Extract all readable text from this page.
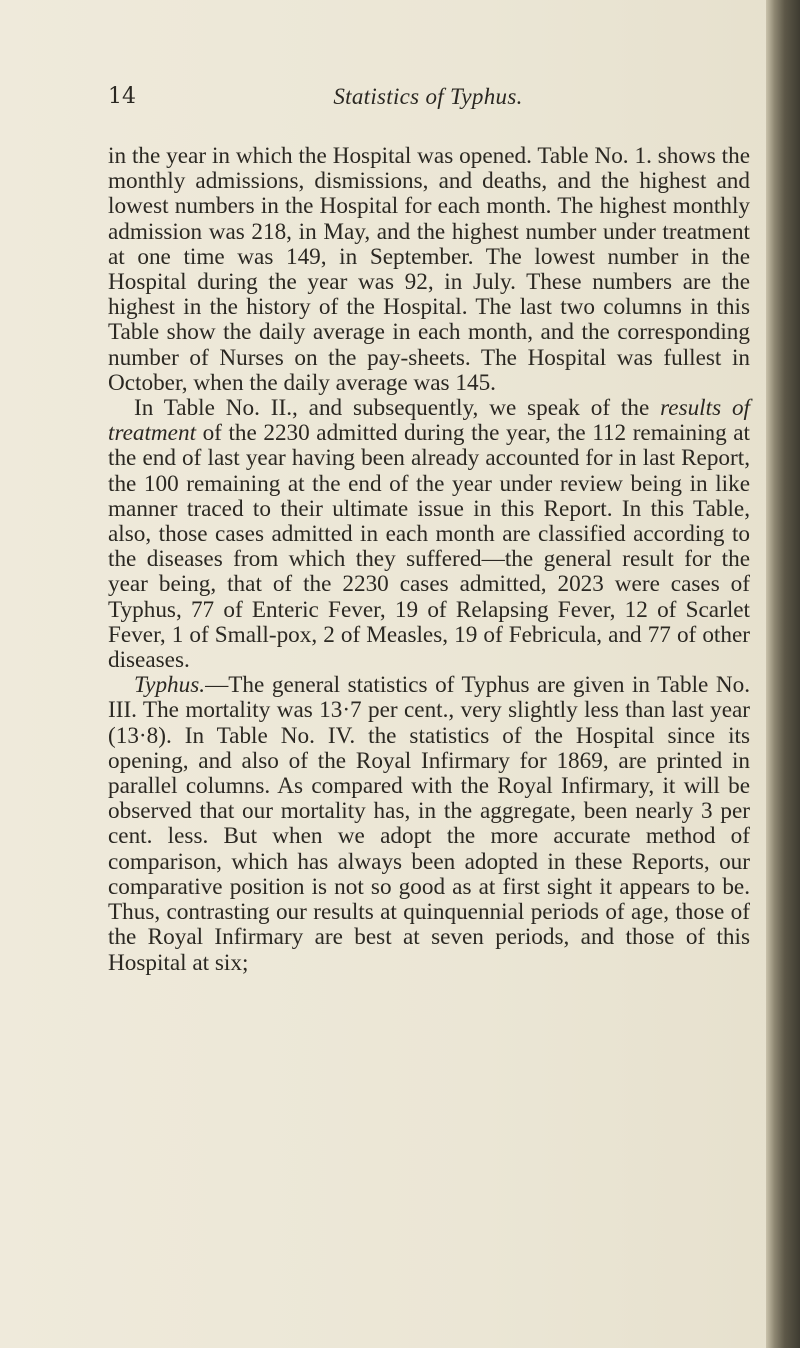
14	Statistics of Typhus.

in the year in which the Hospital was opened. Table No. 1. shows the monthly admissions, dismissions, and deaths, and the highest and lowest numbers in the Hospital for each month. The highest monthly admission was 218, in May, and the highest number under treatment at one time was 149, in September. The lowest number in the Hospital during the year was 92, in July. These numbers are the highest in the history of the Hospital. The last two columns in this Table show the daily average in each month, and the corresponding number of Nurses on the pay-sheets. The Hospital was fullest in October, when the daily average was 145.

In Table No. II., and subsequently, we speak of the results of treatment of the 2230 admitted during the year, the 112 remaining at the end of last year having been already accounted for in last Report, the 100 remaining at the end of the year under review being in like manner traced to their ultimate issue in this Report. In this Table, also, those cases admitted in each month are classified according to the diseases from which they suffered—the general result for the year being, that of the 2230 cases admitted, 2023 were cases of Typhus, 77 of Enteric Fever, 19 of Relapsing Fever, 12 of Scarlet Fever, 1 of Small-pox, 2 of Measles, 19 of Febricula, and 77 of other diseases.

Typhus.—The general statistics of Typhus are given in Table No. III. The mortality was 13·7 per cent., very slightly less than last year (13·8). In Table No. IV. the statistics of the Hospital since its opening, and also of the Royal Infirmary for 1869, are printed in parallel columns. As compared with the Royal Infirmary, it will be observed that our mortality has, in the aggregate, been nearly 3 per cent. less. But when we adopt the more accurate method of comparison, which has always been adopted in these Reports, our comparative position is not so good as at first sight it appears to be. Thus, contrasting our results at quinquennial periods of age, those of the Royal Infirmary are best at seven periods, and those of this Hospital at six;
